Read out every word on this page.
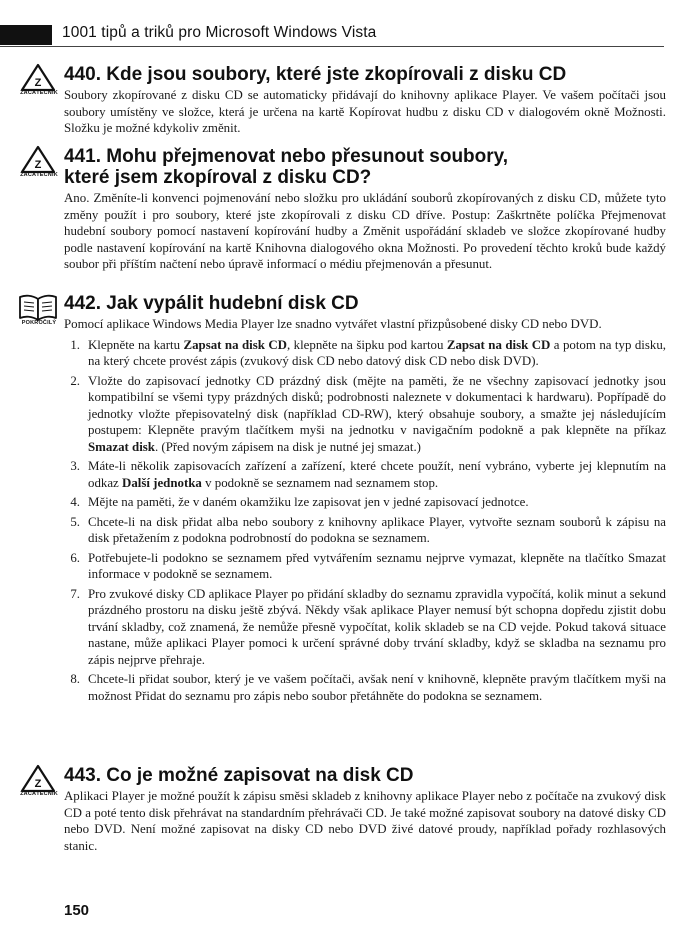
1001 tipů a triků pro Microsoft Windows Vista
Z
ZAČÁTEČNÍK
440. Kde jsou soubory, které jste zkopírovali z disku CD

Soubory zkopírované z disku CD se automaticky přidávají do knihovny aplikace Player. Ve vašem počítači jsou soubory umístěny ve složce, která je určena na kartě Kopírovat hudbu z disku CD v dialogovém okně Možnosti. Složku je možné kdykoliv změnit.

Z
ZAČÁTEČNÍK
441. Mohu přejmenovat nebo přesunout soubory,
které jsem zkopíroval z disku CD?

Ano. Změníte-li konvenci pojmenování nebo složku pro ukládání souborů zkopírovaných z disku CD, můžete tyto změny použít i pro soubory, které jste zkopírovali z disku CD dříve. Postup: Zaškrtněte políčka Přejmenovat hudební soubory pomocí nastavení kopírování hudby a Změnit uspořádání skladeb ve složce zkopírované hudby podle nastavení kopírování na kartě Knihovna dialogového okna Možnosti. Po provedení těchto kroků bude každý soubor při příštím načtení nebo úpravě informací o médiu přejmenován a přesunut.

POKROČILÝ
442. Jak vypálit hudební disk CD

Pomocí aplikace Windows Media Player lze snadno vytvářet vlastní přizpůsobené disky CD nebo DVD.

1. Klepněte na kartu Zapsat na disk CD, klepněte na šipku pod kartou Zapsat na disk CD a potom na typ disku, na který chcete provést zápis (zvukový disk CD nebo datový disk CD nebo disk DVD).
2. Vložte do zapisovací jednotky CD prázdný disk (mějte na paměti, že ne všechny zapisovací jednotky jsou kompatibilní se všemi typy prázdných disků; podrobnosti naleznete v dokumentaci k hardwaru). Popřípadě do jednotky vložte přepisovatelný disk (například CD-RW), který obsahuje soubory, a smažte jej následujícím postupem: Klepněte pravým tlačítkem myši na jednotku v navigačním podokně a pak klepněte na příkaz Smazat disk. (Před novým zápisem na disk je nutné jej smazat.)
3. Máte-li několik zapisovacích zařízení a zařízení, které chcete použít, není vybráno, vyberte jej klepnutím na odkaz Další jednotka v podokně se seznamem nad seznamem stop.
4. Mějte na paměti, že v daném okamžiku lze zapisovat jen v jedné zapisovací jednotce.
5. Chcete-li na disk přidat alba nebo soubory z knihovny aplikace Player, vytvořte seznam souborů k zápisu na disk přetažením z podokna podrobností do podokna se seznamem.
6. Potřebujete-li podokno se seznamem před vytvářením seznamu nejprve vymazat, klepněte na tlačítko Smazat informace v podokně se seznamem.
7. Pro zvukové disky CD aplikace Player po přidání skladby do seznamu zpravidla vypočítá, kolik minut a sekund prázdného prostoru na disku ještě zbývá. Někdy však aplikace Player nemusí být schopna dopředu zjistit dobu trvání skladby, což znamená, že nemůže přesně vypočítat, kolik skladeb se na CD vejde. Pokud taková situace nastane, může aplikaci Player pomoci k určení správné doby trvání skladby, když se skladba na seznamu pro zápis nejprve přehraje.
8. Chcete-li přidat soubor, který je ve vašem počítači, avšak není v knihovně, klepněte pravým tlačítkem myši na možnost Přidat do seznamu pro zápis nebo soubor přetáhněte do podokna se seznamem.
Z
ZAČÁTEČNÍK
443. Co je možné zapisovat na disk CD

Aplikaci Player je možné použít k zápisu směsi skladeb z knihovny aplikace Player nebo z počítače na zvukový disk CD a poté tento disk přehrávat na standardním přehrávači CD. Je také možné zapisovat soubory na datové disky CD nebo DVD. Není možné zapisovat na disky CD nebo DVD živé datové proudy, například pořady rozhlasových stanic.

150
